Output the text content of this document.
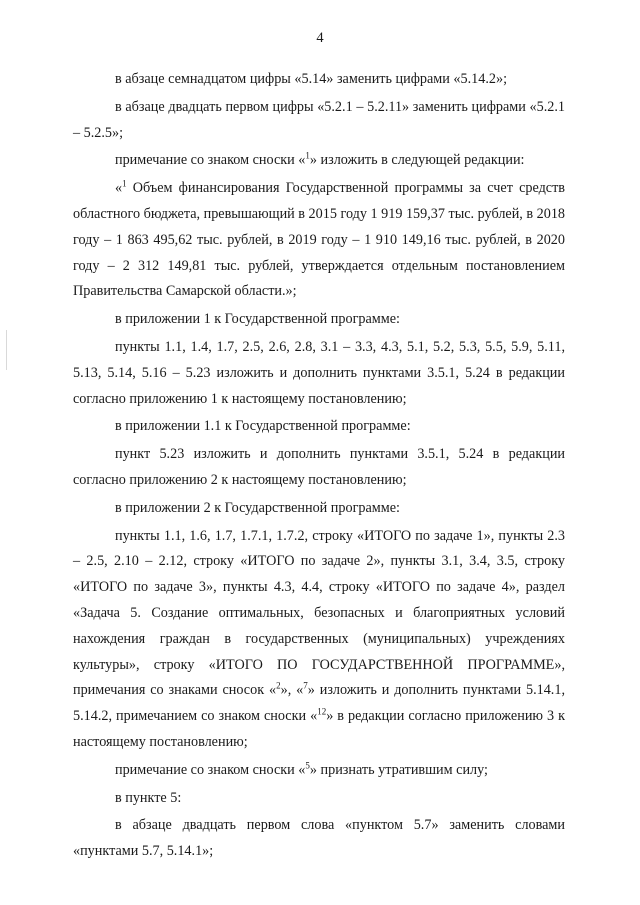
4

в абзаце семнадцатом цифры «5.14» заменить цифрами «5.14.2»;

в абзаце двадцать первом цифры «5.2.1 – 5.2.11» заменить цифрами «5.2.1 – 5.2.5»;

примечание со знаком сноски «$^1$» изложить в следующей редакции:

«$^1$ Объем финансирования Государственной программы за счет средств областного бюджета, превышающий в 2015 году 1 919 159,37 тыс. рублей, в 2018 году – 1 863 495,62 тыс. рублей, в 2019 году – 1 910 149,16 тыс. рублей, в 2020 году – 2 312 149,81 тыс. рублей, утверждается отдельным постановлением Правительства Самарской области.»;

в приложении 1 к Государственной программе:

пункты 1.1, 1.4, 1.7, 2.5, 2.6, 2.8, 3.1 – 3.3, 4.3, 5.1, 5.2, 5.3, 5.5, 5.9, 5.11, 5.13, 5.14, 5.16 – 5.23 изложить и дополнить пунктами 3.5.1, 5.24 в редакции согласно приложению 1 к настоящему постановлению;

в приложении 1.1 к Государственной программе:

пункт 5.23 изложить и дополнить пунктами 3.5.1, 5.24 в редакции согласно приложению 2 к настоящему постановлению;

в приложении 2 к Государственной программе:

пункты 1.1, 1.6, 1.7, 1.7.1, 1.7.2, строку «ИТОГО по задаче 1», пункты 2.3 – 2.5, 2.10 – 2.12, строку «ИТОГО по задаче 2», пункты 3.1, 3.4, 3.5, строку «ИТОГО по задаче 3», пункты 4.3, 4.4, строку «ИТОГО по задаче 4», раздел «Задача 5. Создание оптимальных, безопасных и благоприятных условий нахождения граждан в государственных (муниципальных) учреждениях культуры», строку «ИТОГО ПО ГОСУДАРСТВЕННОЙ ПРОГРАММЕ», примечания со знаками сносок «$^2$», «$^7$» изложить и дополнить пунктами 5.14.1, 5.14.2, примечанием со знаком сноски «$^{12}$» в редакции согласно приложению 3 к настоящему постановлению;

примечание со знаком сноски «$^5$» признать утратившим силу;

в пункте 5:

в абзаце двадцать первом слова «пунктом 5.7» заменить словами «пунктами 5.7, 5.14.1»;
